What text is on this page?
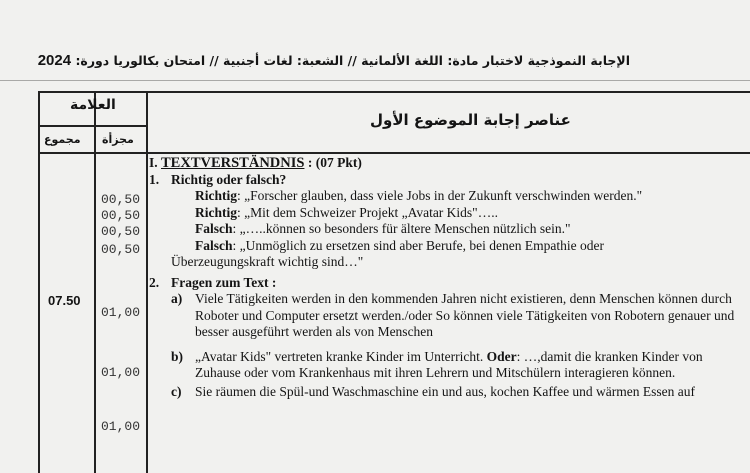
الإجابة النموذجية لاختبار مادة: اللغة الألمانية // الشعبة: لغات أجنبية // امتحان بكالوريا دورة: 2024
العلامة
مجموع مجزأة
عناصر إجابة الموضوع الأول
07.50
00,50
00,50
00,50
00,50
01,00
01,00
01,00
I. TEXTVERSTÄNDNIS : (07 Pkt)
1. Richtig oder falsch?
Richtig: „Forscher glauben, dass viele Jobs in der Zukunft verschwinden werden."
Richtig: „Mit dem Schweizer Projekt „Avatar Kids"…..
Falsch: „…..können so besonders für ältere Menschen nützlich sein."
Falsch: „Unmöglich zu ersetzen sind aber Berufe, bei denen Empathie oder
Überzeugungskraft wichtig sind…"
2. Fragen zum Text :
a) Viele Tätigkeiten werden in den kommenden Jahren nicht existieren, denn Menschen können durch Roboter und Computer ersetzt werden./oder So können viele Tätigkeiten von Robotern genauer und besser ausgeführt werden als von Menschen
b) „Avatar Kids" vertreten kranke Kinder im Unterricht. Oder: …,damit die kranken Kinder von Zuhause oder vom Krankenhaus mit ihren Lehrern und Mitschülern interagieren können.
c)	Sie räumen die Spül-und Waschmaschine ein und aus, kochen Kaffee und wärmen Essen auf
